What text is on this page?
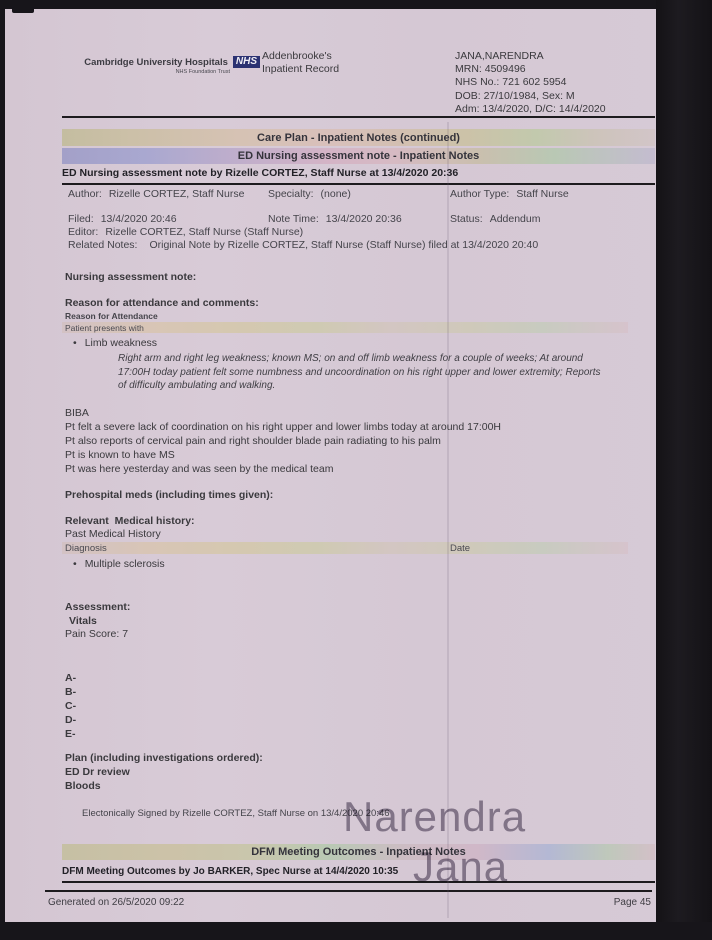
Cambridge University Hospitals NHS
NHS Foundation Trust
Addenbrooke's
Inpatient Record
JANA,NARENDRA
MRN: 4509496
NHS No.: 721 602 5954
DOB: 27/10/1984, Sex: M
Adm: 13/4/2020, D/C: 14/4/2020
Care Plan - Inpatient Notes (continued)
ED Nursing assessment note - Inpatient Notes
ED Nursing assessment note by Rizelle CORTEZ, Staff Nurse at 13/4/2020 20:36
Author: Rizelle CORTEZ, Staff Nurse	Specialty: (none)	Author Type: Staff Nurse
Filed: 13/4/2020 20:46	Note Time: 13/4/2020 20:36	Status: Addendum
Editor: Rizelle CORTEZ, Staff Nurse (Staff Nurse)
Related Notes: Original Note by Rizelle CORTEZ, Staff Nurse (Staff Nurse) filed at 13/4/2020 20:40
Nursing assessment note:
Reason for attendance and comments:
Reason for Attendance
Patient presents with
• Limb weakness
Right arm and right leg weakness; known MS; on and off limb weakness for a couple of weeks; At around 17:00H today patient felt some numbness and uncoordination on his right upper and lower extremity; Reports of difficulty ambulating and walking.
BIBA
Pt felt a severe lack of coordination on his right upper and lower limbs today at around 17:00H
Pt also reports of cervical pain and right shoulder blade pain radiating to his palm
Pt is known to have MS
Pt was here yesterday and was seen by the medical team
Prehospital meds (including times given):
Relevant  Medical history:
Past Medical History
Diagnosis	Date
• Multiple sclerosis
Assessment:
Vitals
Pain Score: 7
A-
B-
C-
D-
E-
Plan (including investigations ordered):
ED Dr review
Bloods
Electonically Signed by Rizelle CORTEZ, Staff Nurse on 13/4/2020 20:46
DFM Meeting Outcomes - Inpatient Notes
DFM Meeting Outcomes by Jo BARKER, Spec Nurse at 14/4/2020 10:35
Generated on 26/5/2020 09:22	Page 45
Narendra
Jana
